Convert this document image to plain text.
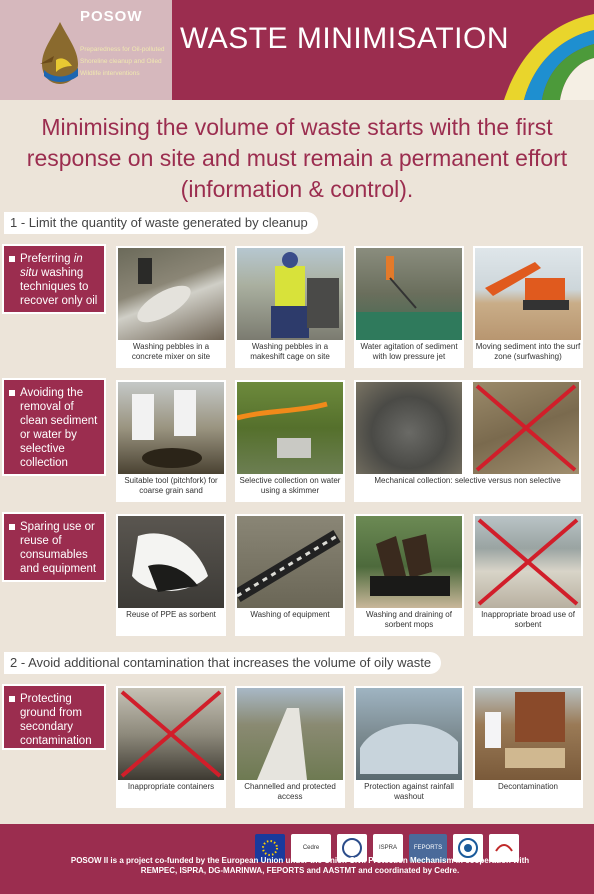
POSOW
Preparedness for Oil-polluted Shoreline cleanup and Oiled Wildlife interventions
WASTE MINIMISATION
Minimising the volume of waste starts with the first response on site and must remain a permanent effort (information & control).
1 - Limit the quantity of waste generated by cleanup
Preferring in situ washing techniques to recover only oil
© Cedre	Washing pebbles in a concrete mixer on site	© Cedre	Washing pebbles in a makeshift cage on site	© Cedre
Water agitation of sediment with low pressure jet	© Cedre
Moving sediment into the surf zone (surfwashing)
Avoiding the removal of clean sediment or water by selective collection
© Cedre Suitable tool (pitchfork) for coarse grain sand	© Cedre
Selective collection on water using a skimmer	© Cedre	Mechanical collection: selective versus non selective
Sparing use or reuse of consumables and equipment
© Cedre Reuse of PPE as sorbent	© Cedre Washing of equipment	© ITOPF Washing and draining of sorbent mops	© Cedre Inappropriate broad use of sorbent
2 - Avoid additional contamination that increases the volume of oily waste
Protecting ground from secondary contamination
© Cedre Inappropriate containers	© Cedre Channelled and protected access	© Cedre Protection against rainfall washout	© Cedre	Decontamination
Cedre	ISPRA	FEPORTS
POSOW II is a project co-funded by the European Union under the Union Civil Protection Mechanism in cooperation with REMPEC, ISPRA, DG-MARINWA, FEPORTS and AASTMT and coordinated by Cedre.
